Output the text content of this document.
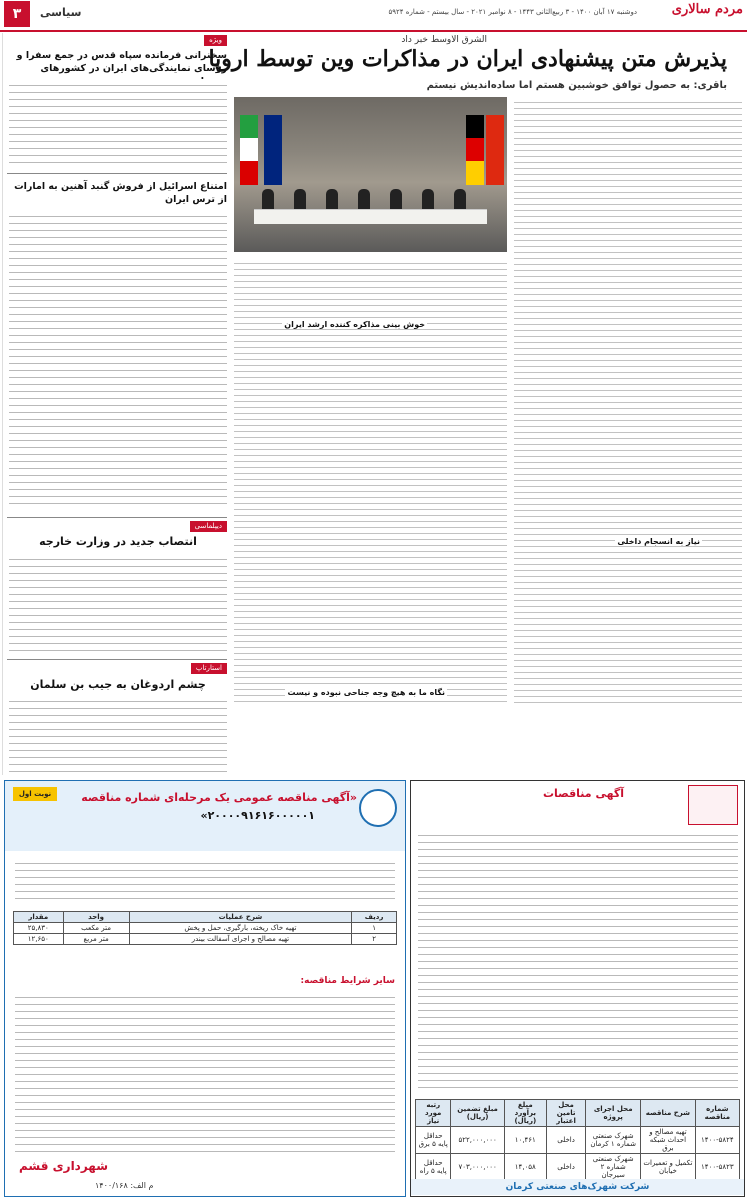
مردم سالاری
دوشنبه ۱۷ آبان ۱۴۰۰ - ۳ ربیع‌الثانی ۱۴۴۳ - ۸ نوامبر ۲۰۲۱ - سال بیستم - شماره ۵۹۲۴
سیاسی
۳
ویژه
سخنرانی فرمانده سپاه قدس در جمع سفرا و رؤسای نمایندگی‌های ایران در کشورهای
امتناع اسرائیل از فروش گنبد آهنین به امارات از ترس ایران
دیپلماسی
انتصاب جدید در وزارت خارجه
استارتاپ
چشم اردوغان به جیب بن سلمان
الشرق الاوسط خبر داد
پذیرش متن پیشنهادی ایران در مذاکرات وین توسط اروپا
باقری: به حصول توافق خوشبین هستم اما ساده‌اندیش نیستم
نیاز به انسجام داخلی
خوش بینی مذاکره کننده ارشد ایران
نگاه ما به هیچ وجه جناحی نبوده و نیست
نوبت اول	«آگهی مناقصه عمومی یک مرحله‌ای شماره مناقصه
۲۰۰۰۰۹۱۶۱۶۰۰۰۰۰۱»
ردیف	شرح عملیات	واحد	مقدار
۱	تهیه خاک ریخته، بارگیری، حمل و پخش	متر مکعب	۲۵,۸۳۰
۲	تهیه مصالح و اجرای آسفالت بیندر	متر مربع	۱۲,۶۵۰
سایر شرایط مناقصه:
شهرداری قشم
م الف: ۱۴۰۰/۱۶۸
آگهی مناقصات
شماره مناقصه	شرح مناقصه	محل اجرای پروژه	محل تامین اعتبار	مبلغ برآورد (ریال)	مبلغ تضمین (ریال)	رتبه مورد نیاز
۱۴۰۰-۵۸۲۴	تهیه مصالح و احداث شبکه برق	شهرک صنعتی شماره ۱ کرمان	داخلی	۱۰,۴۶۱	۵۲۲,۰۰۰,۰۰۰	حداقل پایه ۵ برق
۱۴۰۰-۵۸۲۳	تکمیل و تعمیرات خیابان	شهرک صنعتی شماره ۲ سیرجان	داخلی	۱۴,۰۵۸	۷۰۳,۰۰۰,۰۰۰	حداقل پایه ۵ راه
شرکت شهرک‌های صنعتی کرمان
